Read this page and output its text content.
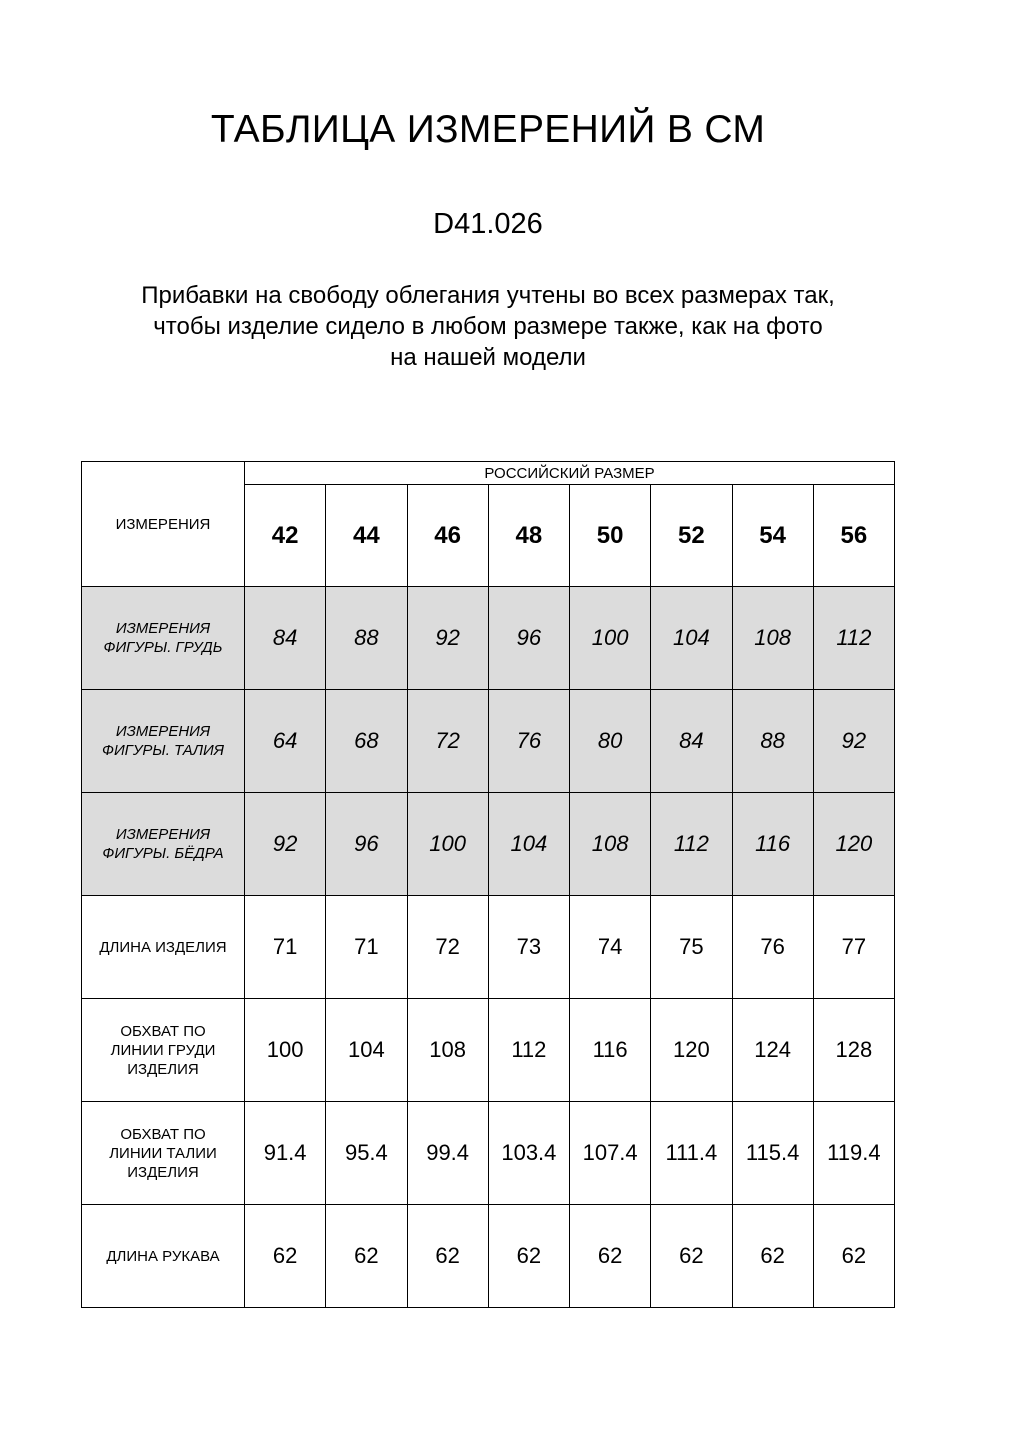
ТАБЛИЦА ИЗМЕРЕНИЙ В СМ
D41.026
Прибавки на свободу облегания учтены во всех размерах так,
чтобы изделие сидело в любом размере также, как на фото
на нашей модели
ИЗМЕРЕНИЯ	РОССИЙСКИЙ РАЗМЕР							
	42	44	46	48	50	52	54	56

ИЗМЕРЕНИЯ
ФИГУРЫ. ГРУДЬ	84	88	92	96	100	104	108	112

ИЗМЕРЕНИЯ
ФИГУРЫ. ТАЛИЯ	64	68	72	76	80	84	88	92

ИЗМЕРЕНИЯ
ФИГУРЫ. БЁДРА	92	96	100	104	108	112	116	120

ДЛИНА ИЗДЕЛИЯ	71	71	72	73	74	75	76	77

ОБХВАТ ПО
ЛИНИИ ГРУДИ
ИЗДЕЛИЯ	100	104	108	112	116	120	124	128

ОБХВАТ ПО
ЛИНИИ ТАЛИИ
ИЗДЕЛИЯ	91.4	95.4	99.4	103.4	107.4	111.4	115.4	119.4

ДЛИНА РУКАВА	62	62	62	62	62	62	62	62
